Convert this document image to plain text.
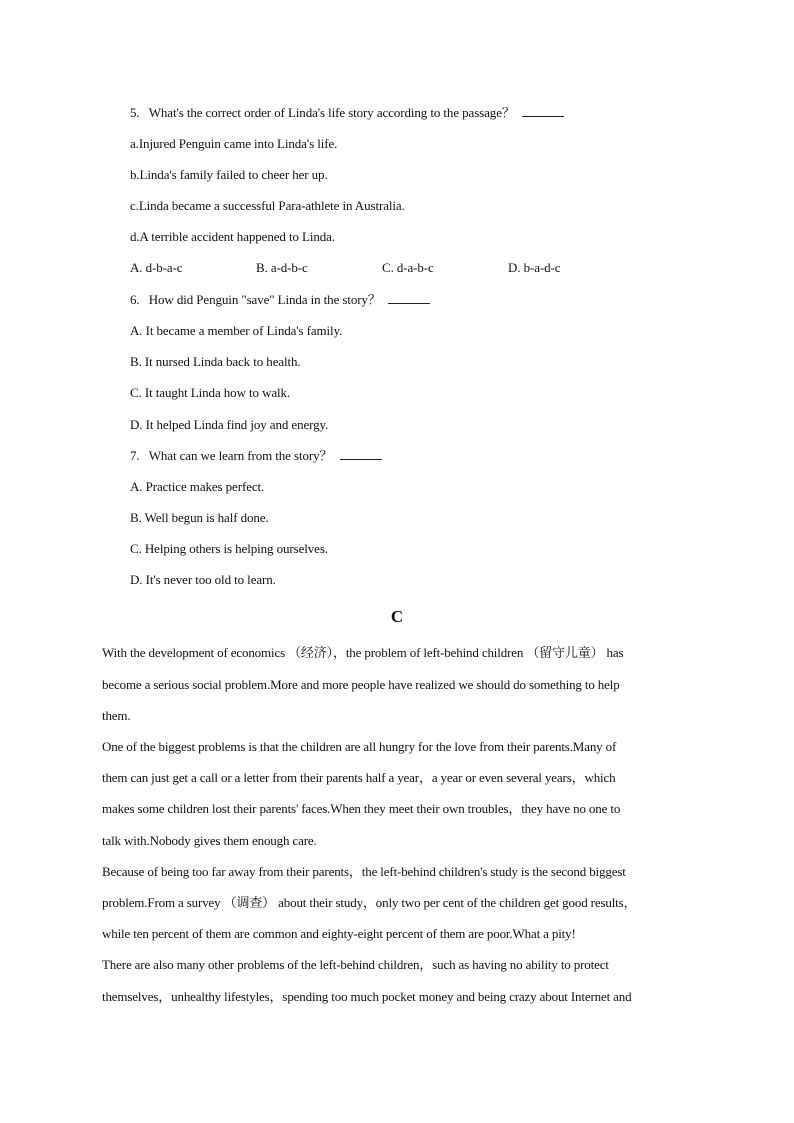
5. What's the correct order of Linda's life story according to the passage？
a.Injured Penguin came into Linda's life.
b.Linda's family failed to cheer her up.
c.Linda became a successful Para-athlete in Australia.
d.A terrible accident happened to Linda.
A. d-b-a-c	B. a-d-b-c	C. d-a-b-c	D. b-a-d-c
6. How did Penguin "save" Linda in the story？
A. It became a member of Linda's family.
B. It nursed Linda back to health.
C. It taught Linda how to walk.
D. It helped Linda find joy and energy.
7. What can we learn from the story？
A. Practice makes perfect.
B. Well begun is half done.
C. Helping others is helping ourselves.
D. It's never too old to learn.
C
With the development of economics （经济），the problem of left-behind children （留守儿童） has
become a serious social problem.More and more people have realized we should do something to help
them.
One of the biggest problems is that the children are all hungry for the love from their parents.Many of
them can just get a call or a letter from their parents half a year，a year or even several years，which
makes some children lost their parents' faces.When they meet their own troubles，they have no one to
talk with.Nobody gives them enough care.
Because of being too far away from their parents，the left-behind children's study is the second biggest
problem.From a survey （调查） about their study，only two per cent of the children get good results，
while ten percent of them are common and eighty-eight percent of them are poor.What a pity!
There are also many other problems of the left-behind children，such as having no ability to protect
themselves，unhealthy lifestyles，spending too much pocket money and being crazy about Internet and
